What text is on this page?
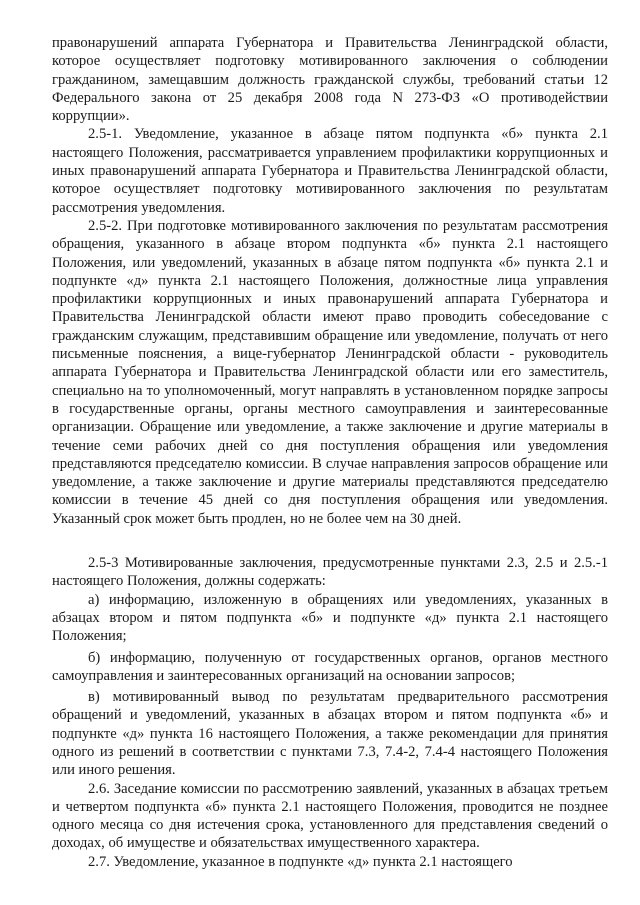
правонарушений аппарата Губернатора и Правительства Ленинградской области, которое осуществляет подготовку мотивированного заключения о соблюдении гражданином, замещавшим должность гражданской службы, требований статьи 12 Федерального закона от 25 декабря 2008 года N 273-ФЗ «О противодействии коррупции».

2.5-1. Уведомление, указанное в абзаце пятом подпункта «б» пункта 2.1 настоящего Положения, рассматривается управлением профилактики коррупционных и иных правонарушений аппарата Губернатора и Правительства Ленинградской области, которое осуществляет подготовку мотивированного заключения по результатам рассмотрения уведомления.

2.5-2. При подготовке мотивированного заключения по результатам рассмотрения обращения, указанного в абзаце втором подпункта «б» пункта 2.1 настоящего Положения, или уведомлений, указанных в абзаце пятом подпункта «б» пункта 2.1 и подпункте «д» пункта 2.1 настоящего Положения, должностные лица управления профилактики коррупционных и иных правонарушений аппарата Губернатора и Правительства Ленинградской области имеют право проводить собеседование с гражданским служащим, представившим обращение или уведомление, получать от него письменные пояснения, а вице-губернатор Ленинградской области - руководитель аппарата Губернатора и Правительства Ленинградской области или его заместитель, специально на то уполномоченный, могут направлять в установленном порядке запросы в государственные органы, органы местного самоуправления и заинтересованные организации. Обращение или уведомление, а также заключение и другие материалы в течение семи рабочих дней со дня поступления обращения или уведомления представляются председателю комиссии. В случае направления запросов обращение или уведомление, а также заключение и другие материалы представляются председателю комиссии в течение 45 дней со дня поступления обращения или уведомления. Указанный срок может быть продлен, но не более чем на 30 дней.

2.5-3 Мотивированные заключения, предусмотренные пунктами 2.3, 2.5 и 2.5.-1 настоящего Положения, должны содержать:

а) информацию, изложенную в обращениях или уведомлениях, указанных в абзацах втором и пятом подпункта «б» и подпункте «д» пункта 2.1 настоящего Положения;

б) информацию, полученную от государственных органов, органов местного самоуправления и заинтересованных организаций на основании запросов;

в) мотивированный вывод по результатам предварительного рассмотрения обращений и уведомлений, указанных в абзацах втором и пятом подпункта «б» и подпункте «д» пункта 16 настоящего Положения, а также рекомендации для принятия одного из решений в соответствии с пунктами 7.3, 7.4-2, 7.4-4 настоящего Положения или иного решения.

2.6. Заседание комиссии по рассмотрению заявлений, указанных в абзацах третьем и четвертом подпункта «б» пункта 2.1 настоящего Положения, проводится не позднее одного месяца со дня истечения срока, установленного для представления сведений о доходах, об имуществе и обязательствах имущественного характера.

2.7. Уведомление, указанное в подпункте «д» пункта 2.1 настоящего
